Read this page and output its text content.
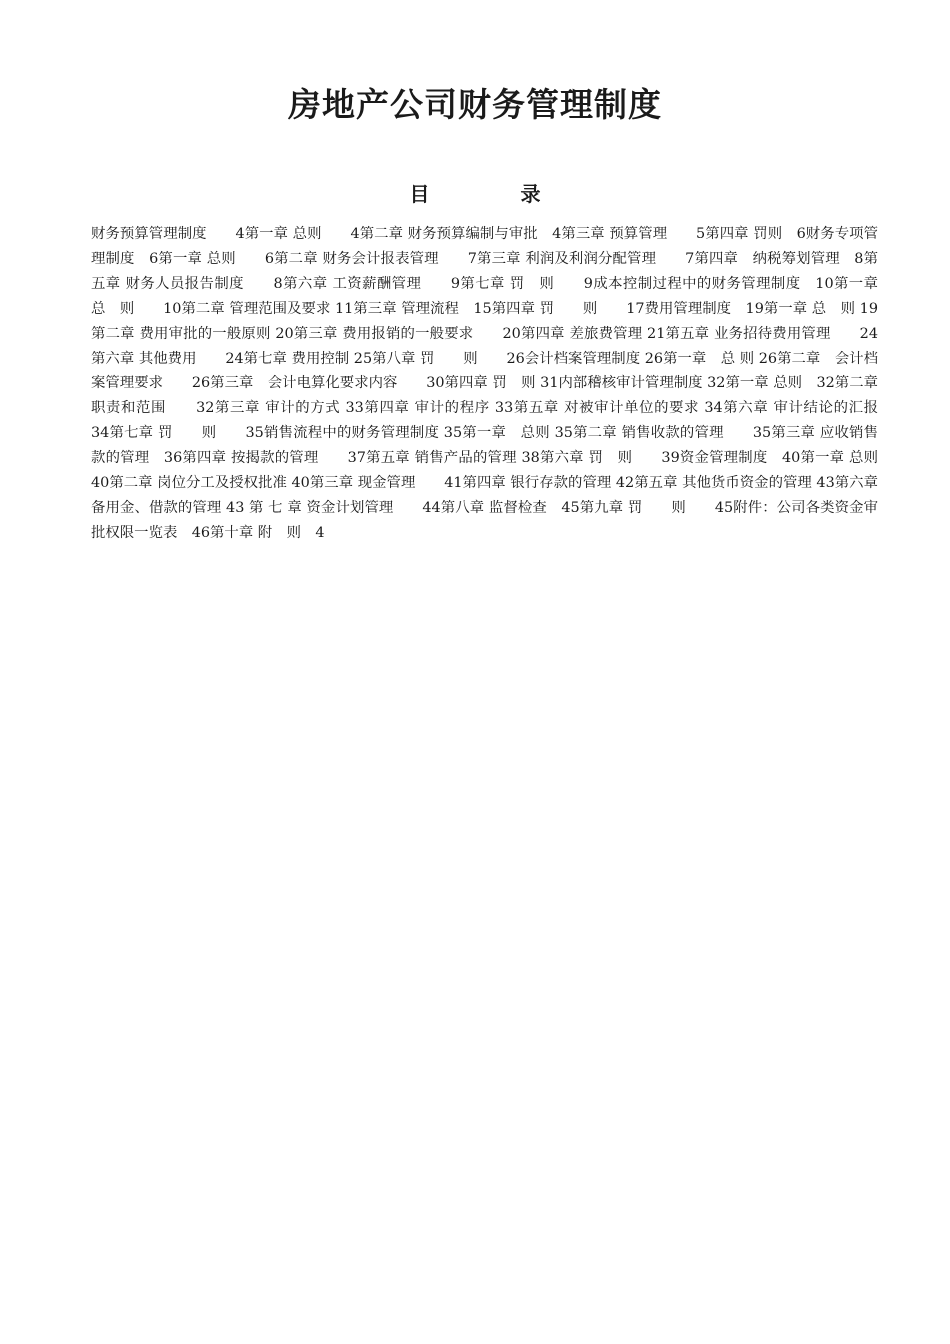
房地产公司财务管理制度
目 录

财务预算管理制度　　4第一章 总则　　4第二章 财务预算编制与审批　4第三章 预算管理　　5第四章 罚则　6财务专项管理制度　6第一章 总则　　6第二章 财务会计报表管理　　7第三章 利润及利润分配管理　　7第四章　纳税筹划管理　8第五章 财务人员报告制度　　8第六章 工资薪酬管理　　9第七章 罚　则　　9成本控制过程中的财务管理制度　10第一章　总　则　　10第二章 管理范围及要求 11第三章 管理流程　15第四章 罚　　则　　17费用管理制度　19第一章 总　则 19第二章 费用审批的一般原则 20第三章 费用报销的一般要求　　20第四章 差旅费管理 21第五章 业务招待费用管理　　24第六章 其他费用　　24第七章 费用控制 25第八章 罚　　则　　26会计档案管理制度 26第一章　总 则 26第二章　会计档案管理要求　　26第三章　会计电算化要求内容　　30第四章 罚　则 31内部稽核审计管理制度 32第一章 总则　32第二章 职责和范围　　32第三章 审计的方式 33第四章 审计的程序 33第五章 对被审计单位的要求 34第六章 审计结论的汇报　　34第七章 罚　　则　　35销售流程中的财务管理制度 35第一章　总则 35第二章 销售收款的管理　　35第三章 应收销售款的管理　36第四章 按揭款的管理　　37第五章 销售产品的管理 38第六章 罚　则　　39资金管理制度　40第一章 总则　　40第二章 岗位分工及授权批准 40第三章 现金管理　　41第四章 银行存款的管理 42第五章 其他货币资金的管理 43第六章 备用金、借款的管理 43 第 七 章 资金计划管理　　44第八章 监督检查　45第九章 罚　　则　　45附件：公司各类资金审批权限一览表　46第十章 附　则　4
